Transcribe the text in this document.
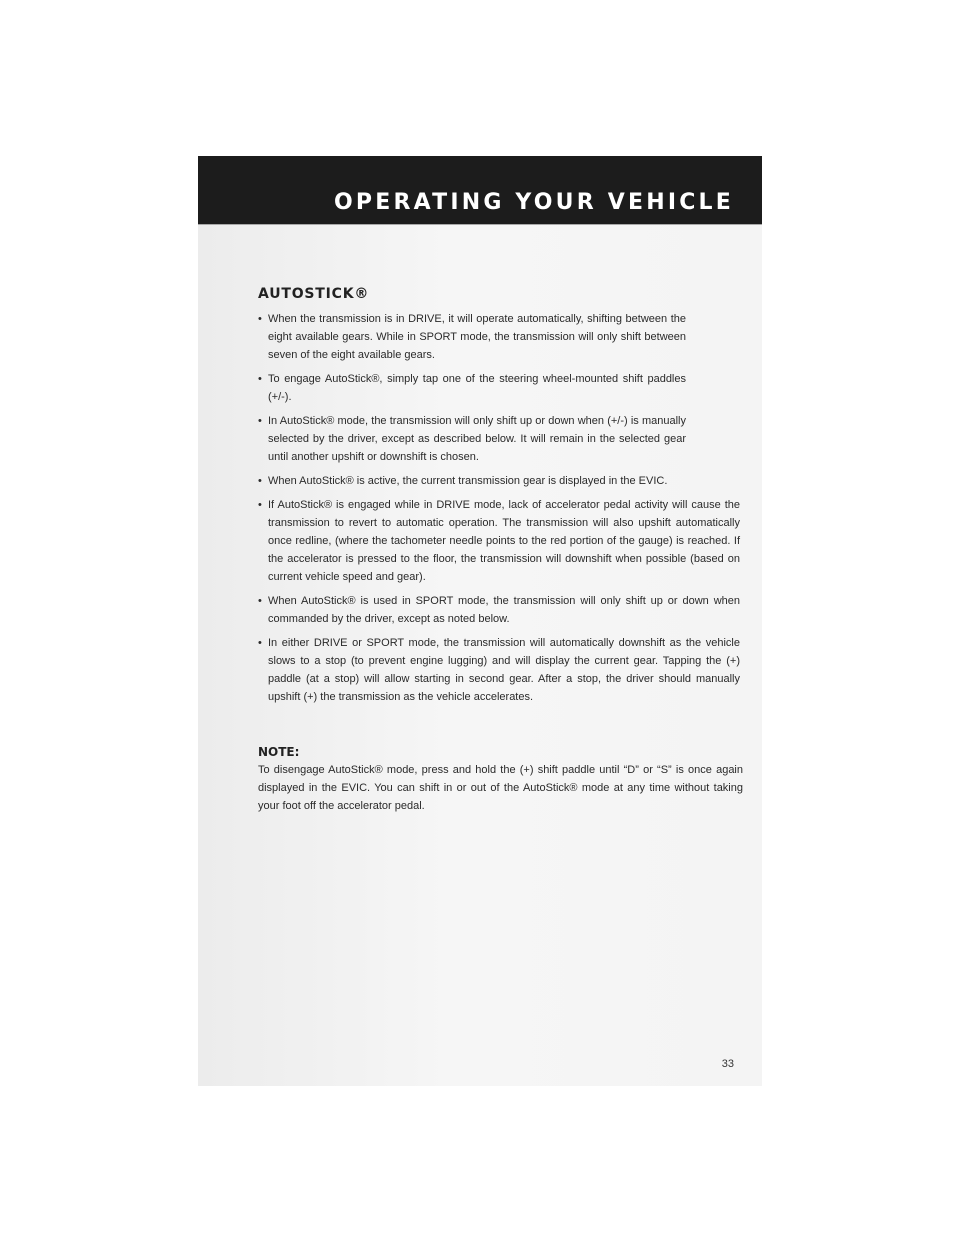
OPERATING YOUR VEHICLE
AUTOSTICK®
• When the transmission is in DRIVE, it will operate automatically, shifting between the eight available gears. While in SPORT mode, the transmission will only shift between seven of the eight available gears.
• To engage AutoStick®, simply tap one of the steering wheel-mounted shift paddles (+/-).
• In AutoStick® mode, the transmission will only shift up or down when (+/-) is manually selected by the driver, except as described below. It will remain in the selected gear until another upshift or downshift is chosen.
• When AutoStick® is active, the current transmission gear is displayed in the EVIC.
• If AutoStick® is engaged while in DRIVE mode, lack of accelerator pedal activity will cause the transmission to revert to automatic operation. The transmission will also upshift automatically once redline, (where the tachometer needle points to the red portion of the gauge) is reached. If the accelerator is pressed to the floor, the transmission will downshift when possible (based on current vehicle speed and gear).
• When AutoStick® is used in SPORT mode, the transmission will only shift up or down when commanded by the driver, except as noted below.
• In either DRIVE or SPORT mode, the transmission will automatically downshift as the vehicle slows to a stop (to prevent engine lugging) and will display the current gear. Tapping the (+) paddle (at a stop) will allow starting in second gear. After a stop, the driver should manually upshift (+) the transmission as the vehicle accelerates.
NOTE:

To disengage AutoStick® mode, press and hold the (+) shift paddle until “D” or “S” is once again displayed in the EVIC. You can shift in or out of the AutoStick® mode at any time without taking your foot off the accelerator pedal.

33
